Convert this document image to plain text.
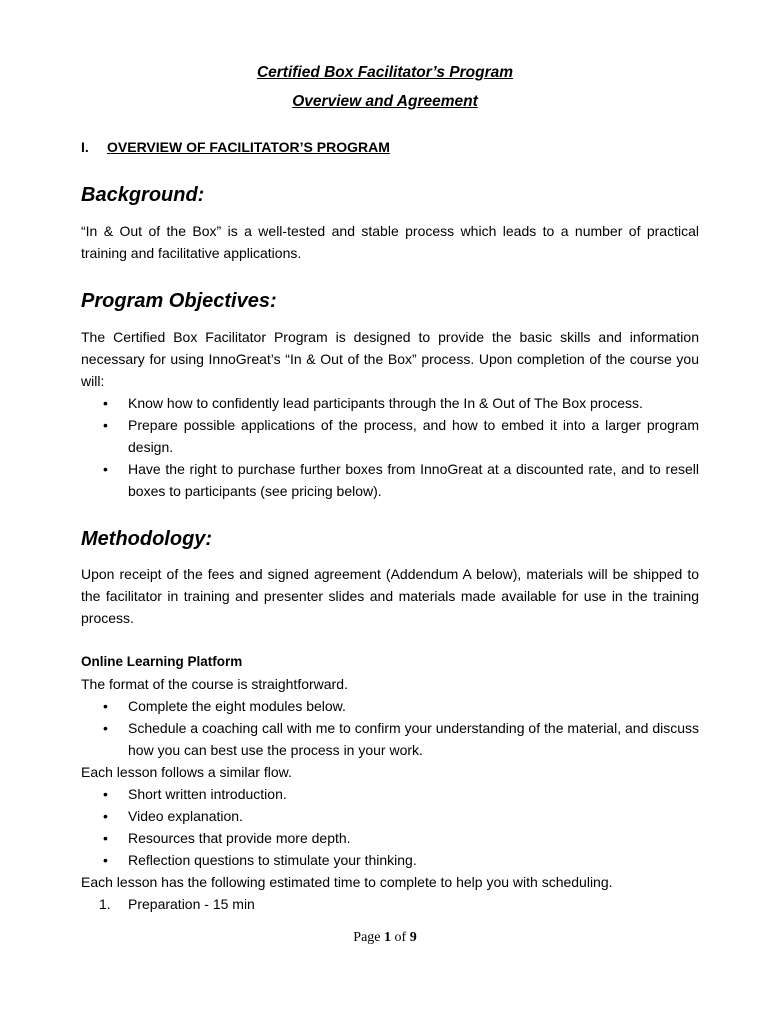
Certified Box Facilitator’s Program
Overview and Agreement
I. OVERVIEW OF FACILITATOR’S PROGRAM
Background:
“In & Out of the Box” is a well-tested and stable process which leads to a number of practical training and facilitative applications.
Program Objectives:
The Certified Box Facilitator Program is designed to provide the basic skills and information necessary for using InnoGreat’s “In & Out of the Box” process. Upon completion of the course you will:
• Know how to confidently lead participants through the In & Out of The Box process.
• Prepare possible applications of the process, and how to embed it into a larger program design.
• Have the right to purchase further boxes from InnoGreat at a discounted rate, and to resell boxes to participants (see pricing below).
Methodology:
Upon receipt of the fees and signed agreement (Addendum A below), materials will be shipped to the facilitator in training and presenter slides and materials made available for use in the training process.
Online Learning Platform
The format of the course is straightforward.
• Complete the eight modules below.
• Schedule a coaching call with me to confirm your understanding of the material, and discuss how you can best use the process in your work.
Each lesson follows a similar flow.
• Short written introduction.
• Video explanation.
• Resources that provide more depth.
• Reflection questions to stimulate your thinking.
Each lesson has the following estimated time to complete to help you with scheduling.
1. Preparation - 15 min
Page 1 of 9
